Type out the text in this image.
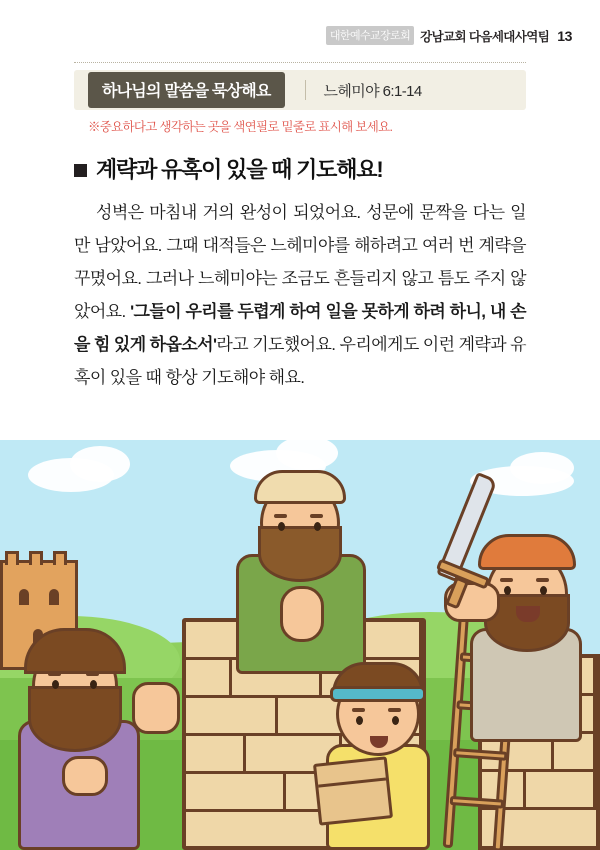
대한예수교장로회 강남교회 다음세대사역팀 13
하나님의 말씀을 묵상해요	느헤미야 6:1-14
※중요하다고 생각하는 곳을 색연필로 밑줄로 표시해 보세요.
계략과 유혹이 있을 때 기도해요!

성벽은 마침내 거의 완성이 되었어요. 성문에 문짝을 다는 일만 남았어요. 그때 대적들은 느헤미야를 해하려고 여러 번 계략을 꾸몄어요. 그러나 느헤미야는 조금도 흔들리지 않고 틈도 주지 않았어요. '그들이 우리를 두렵게 하여 일을 못하게 하려 하니, 내 손을 힘 있게 하옵소서'라고 기도했어요. 우리에게도 이런 계략과 유혹이 있을 때 항상 기도해야 해요.
